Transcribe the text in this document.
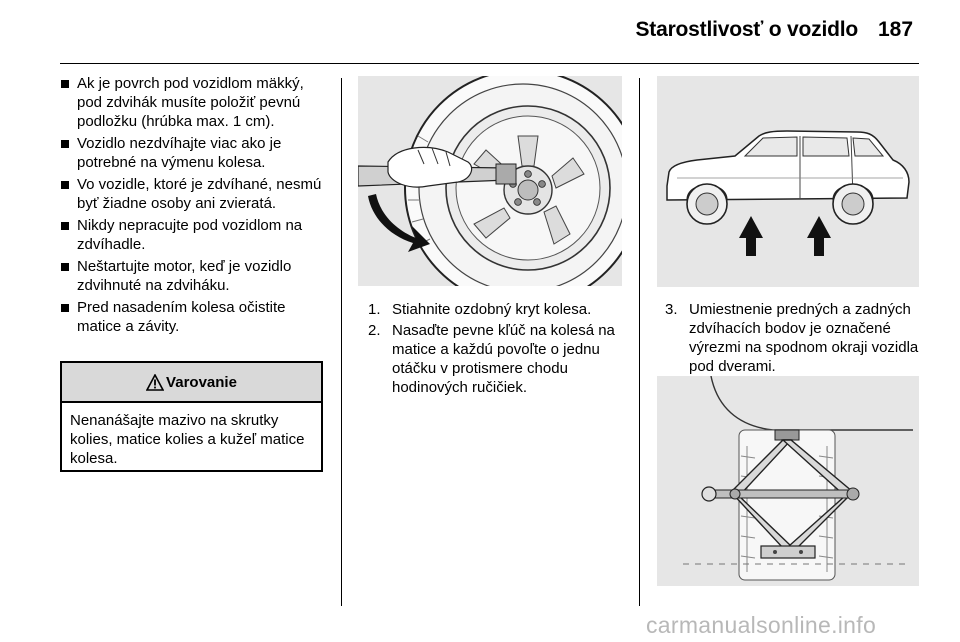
Starostlivosť o vozidlo 187
Ak je povrch pod vozidlom mäkký, pod zdvihák musíte položiť pevnú podložku (hrúbka max. 1 cm).
Vozidlo nezdvíhajte viac ako je potrebné na výmenu kolesa.
Vo vozidle, ktoré je zdvíhané, nesmú byť žiadne osoby ani zvieratá.
Nikdy nepracujte pod vozidlom na zdvíhadle.
Neštartujte motor, keď je vozidlo zdvihnuté na zdviháku.
Pred nasadením kolesa očistite matice a závity.
Varovanie
Nenanášajte mazivo na skrutky kolies, matice kolies a kužeľ matice kolesa.
1. Stiahnite ozdobný kryt kolesa.
2. Nasaďte pevne kľúč na kolesá na matice a každú povoľte o jednu otáčku v protismere chodu hodinových ručičiek.
3. Umiestnenie predných a zadných zdvíhacích bodov je označené výrezmi na spodnom okraji vozidla pod dverami.
carmanualsonline.info
